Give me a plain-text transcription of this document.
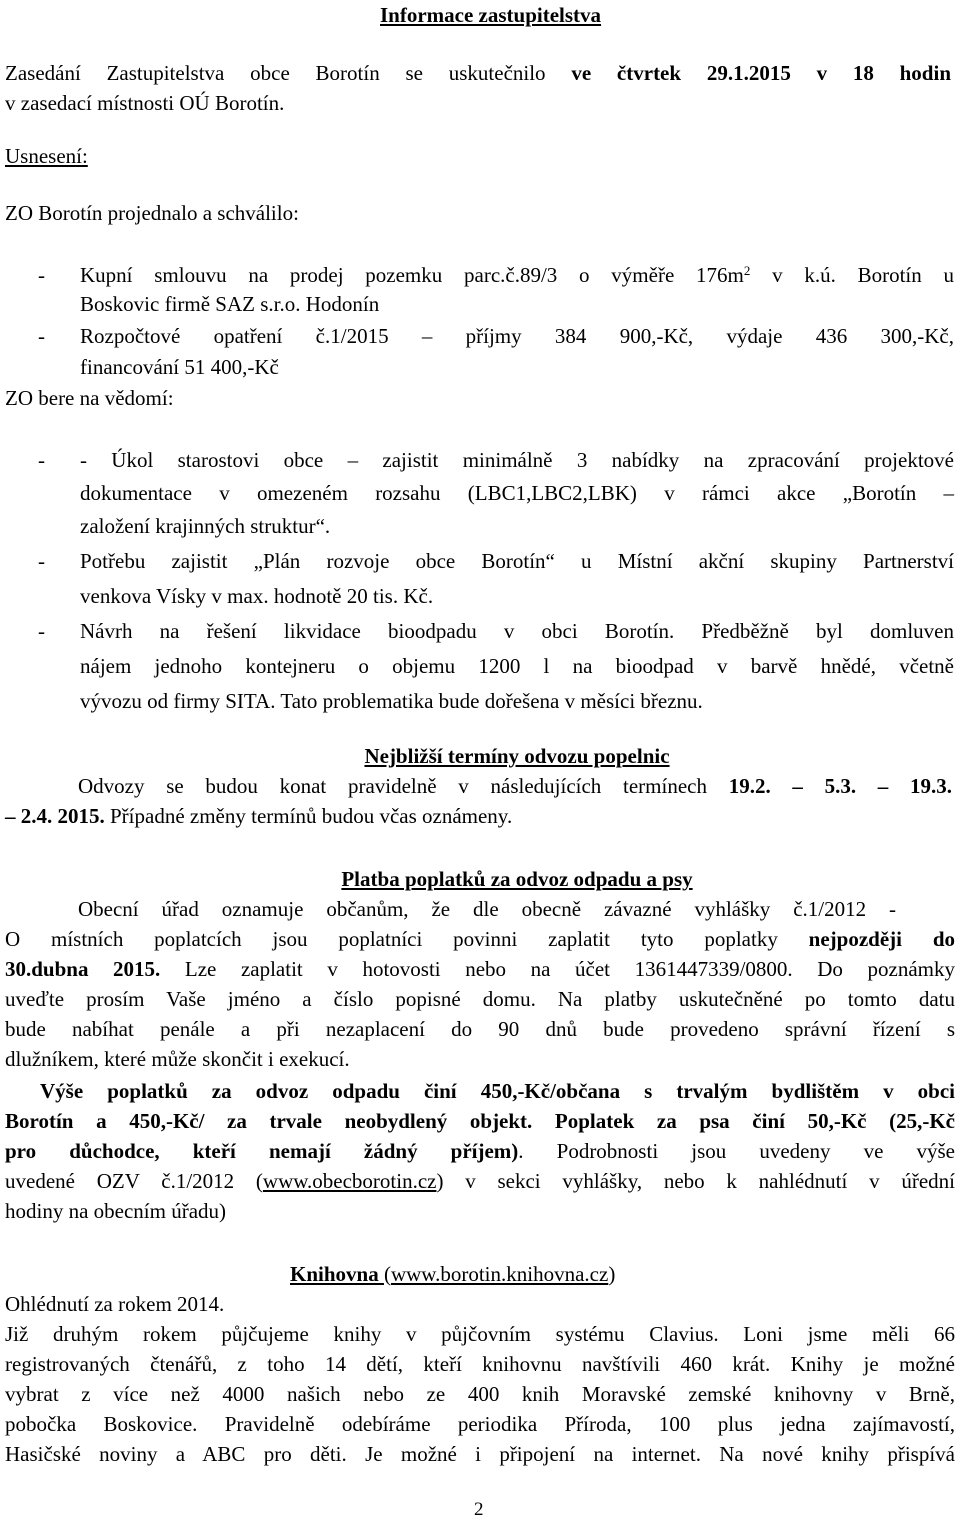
Informace zastupitelstva
Zasedání Zastupitelstva obce Borotín se uskutečnilo ve čtvrtek 29.1.2015 v 18 hodin
v zasedací místnosti OÚ Borotín.
Usnesení:
ZO Borotín projednalo a schválilo:
- Kupní smlouvu na prodej pozemku parc.č.89/3 o výměře $176m^2$ v k.ú. Borotín u
Boskovic firmě SAZ s.r.o. Hodonín
- Rozpočtové opatření č.1/2015 – příjmy 384 900,-Kč, výdaje 436 300,-Kč,
financování 51 400,-Kč
ZO bere na vědomí:
- - Úkol starostovi obce – zajistit minimálně 3 nabídky na zpracování projektové
dokumentace v omezeném rozsahu (LBC1,LBC2,LBK) v rámci akce „Borotín –
založení krajinných struktur“.
- Potřebu zajistit „Plán rozvoje obce Borotín“ u Místní akční skupiny Partnerství
venkova Vísky v max. hodnotě 20 tis. Kč.
- Návrh na řešení likvidace bioodpadu v obci Borotín. Předběžně byl domluven
nájem jednoho kontejneru o objemu 1200 l na bioodpad v barvě hnědé, včetně
vývozu od firmy SITA. Tato problematika bude dořešena v měsíci březnu.
Nejbližší termíny odvozu popelnic
Odvozy se budou konat pravidelně v následujících termínech 19.2. – 5.3. – 19.3.
– 2.4. 2015. Případné změny termínů budou včas oznámeny.
Platba poplatků za odvoz odpadu a psy
Obecní úřad oznamuje občanům, že dle obecně závazné vyhlášky č.1/2012 -
O místních poplatcích jsou poplatníci povinni zaplatit tyto poplatky nejpozději do
30.dubna 2015. Lze zaplatit v hotovosti nebo na účet 1361447339/0800. Do poznámky
uveďte prosím Vaše jméno a číslo popisné domu. Na platby uskutečněné po tomto datu
bude nabíhat penále a při nezaplacení do 90 dnů bude provedeno správní řízení s
dlužníkem, které může skončit i exekucí.
Výše poplatků za odvoz odpadu činí 450,-Kč/občana s trvalým bydlištěm v obci
Borotín a 450,-Kč/ za trvale neobydlený objekt. Poplatek za psa činí 50,-Kč (25,-Kč
pro důchodce, kteří nemají žádný příjem). Podrobnosti jsou uvedeny ve výše
uvedené OZV č.1/2012 (www.obecborotin.cz) v sekci vyhlášky, nebo k nahlédnutí v úřední
hodiny na obecním úřadu)
Knihovna (www.borotin.knihovna.cz)
Ohlédnutí za rokem 2014.
Již druhým rokem půjčujeme knihy v půjčovním systému Clavius. Loni jsme měli 66
registrovaných čtenářů, z toho 14 dětí, kteří knihovnu navštívili 460 krát. Knihy je možné
vybrat z více než 4000 našich nebo ze 400 knih Moravské zemské knihovny v Brně,
pobočka Boskovice. Pravidelně odebíráme periodika Příroda, 100 plus jedna zajímavostí,
Hasičské noviny a ABC pro děti. Je možné i připojení na internet. Na nové knihy přispívá
2
